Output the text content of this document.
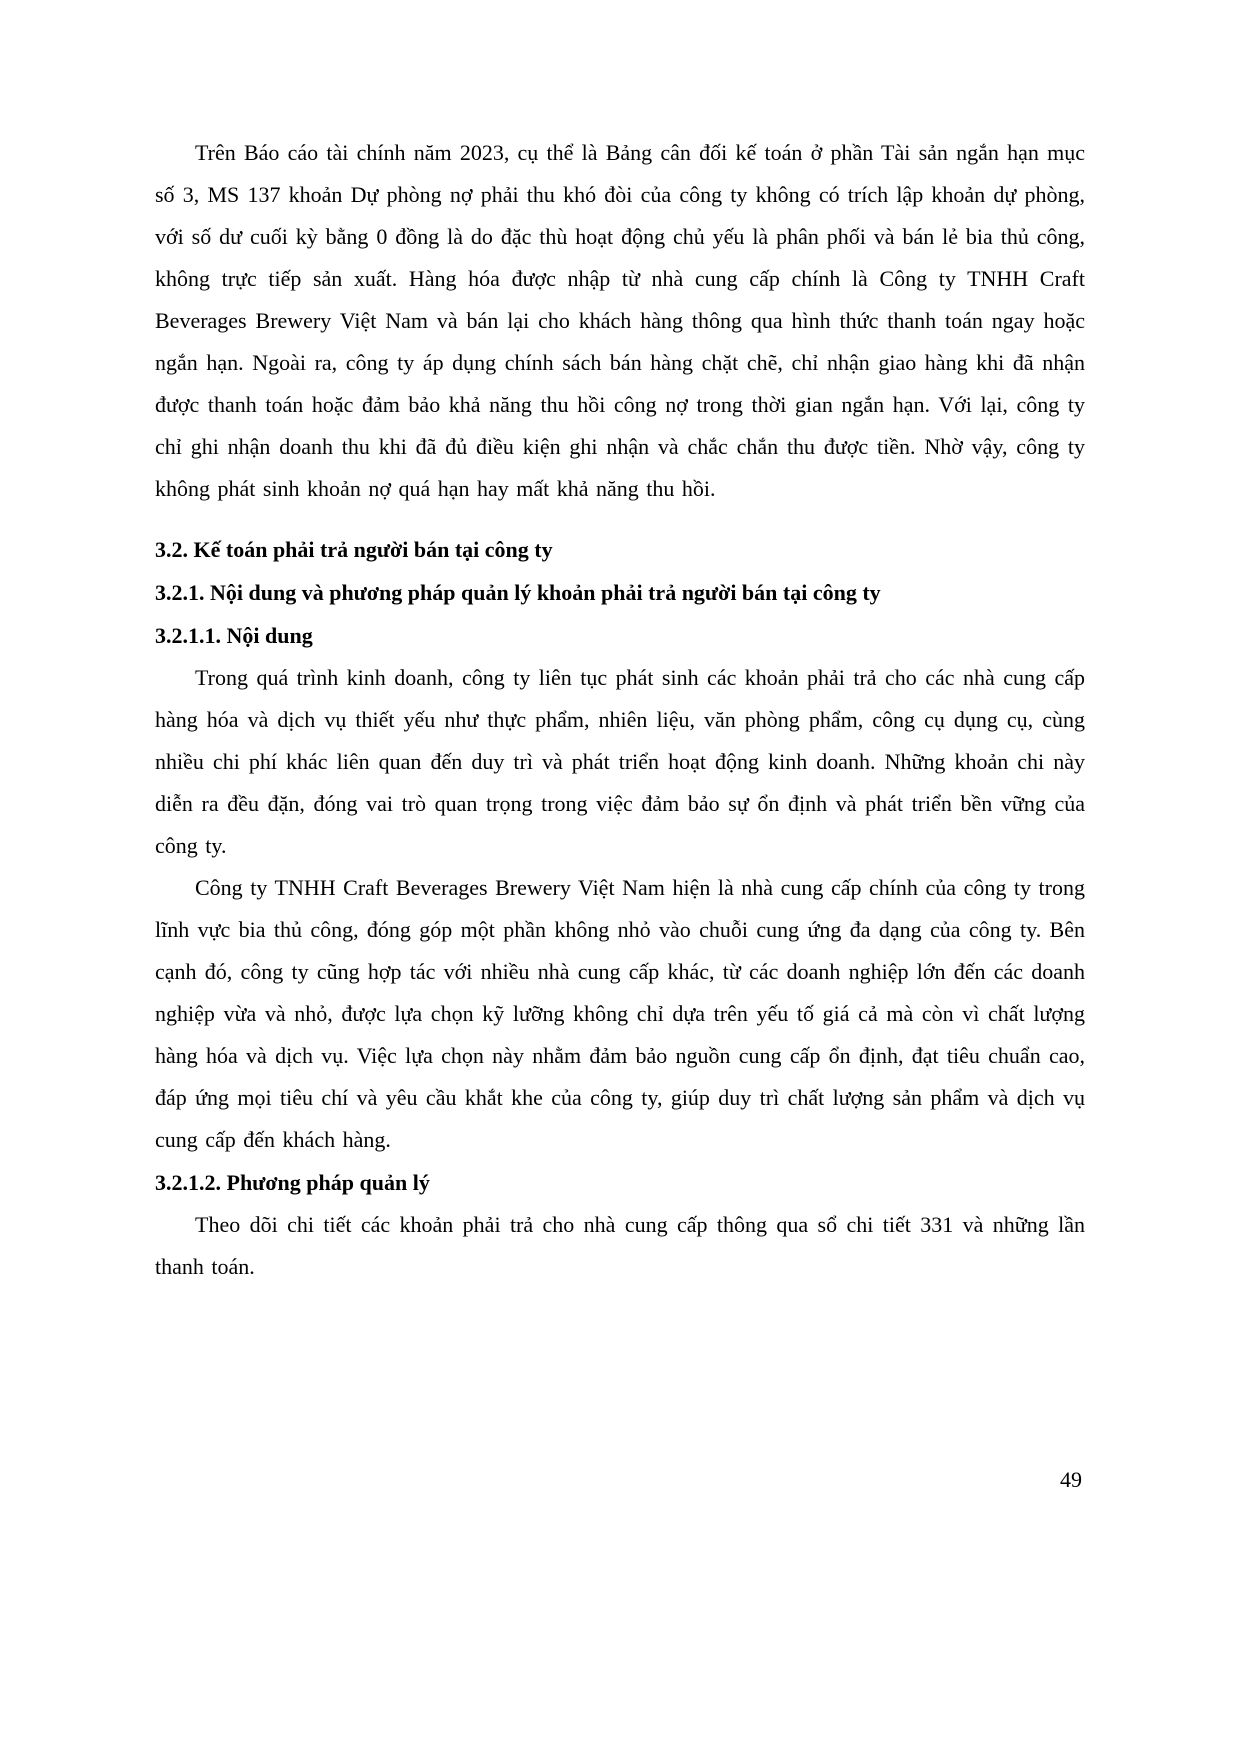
Trên Báo cáo tài chính năm 2023, cụ thể là Bảng cân đối kế toán ở phần Tài sản ngắn hạn mục số 3, MS 137 khoản Dự phòng nợ phải thu khó đòi của công ty không có trích lập khoản dự phòng, với số dư cuối kỳ bằng 0 đồng là do đặc thù hoạt động chủ yếu là phân phối và bán lẻ bia thủ công, không trực tiếp sản xuất. Hàng hóa được nhập từ nhà cung cấp chính là Công ty TNHH Craft Beverages Brewery Việt Nam và bán lại cho khách hàng thông qua hình thức thanh toán ngay hoặc ngắn hạn. Ngoài ra, công ty áp dụng chính sách bán hàng chặt chẽ, chỉ nhận giao hàng khi đã nhận được thanh toán hoặc đảm bảo khả năng thu hồi công nợ trong thời gian ngắn hạn. Với lại, công ty chỉ ghi nhận doanh thu khi đã đủ điều kiện ghi nhận và chắc chắn thu được tiền. Nhờ vậy, công ty không phát sinh khoản nợ quá hạn hay mất khả năng thu hồi.

3.2. Kế toán phải trả người bán tại công ty
3.2.1. Nội dung và phương pháp quản lý khoản phải trả người bán tại công ty
3.2.1.1. Nội dung

Trong quá trình kinh doanh, công ty liên tục phát sinh các khoản phải trả cho các nhà cung cấp hàng hóa và dịch vụ thiết yếu như thực phẩm, nhiên liệu, văn phòng phẩm, công cụ dụng cụ, cùng nhiều chi phí khác liên quan đến duy trì và phát triển hoạt động kinh doanh. Những khoản chi này diễn ra đều đặn, đóng vai trò quan trọng trong việc đảm bảo sự ổn định và phát triển bền vững của công ty.

Công ty TNHH Craft Beverages Brewery Việt Nam hiện là nhà cung cấp chính của công ty trong lĩnh vực bia thủ công, đóng góp một phần không nhỏ vào chuỗi cung ứng đa dạng của công ty. Bên cạnh đó, công ty cũng hợp tác với nhiều nhà cung cấp khác, từ các doanh nghiệp lớn đến các doanh nghiệp vừa và nhỏ, được lựa chọn kỹ lưỡng không chỉ dựa trên yếu tố giá cả mà còn vì chất lượng hàng hóa và dịch vụ. Việc lựa chọn này nhằm đảm bảo nguồn cung cấp ổn định, đạt tiêu chuẩn cao, đáp ứng mọi tiêu chí và yêu cầu khắt khe của công ty, giúp duy trì chất lượng sản phẩm và dịch vụ cung cấp đến khách hàng.

3.2.1.2. Phương pháp quản lý

Theo dõi chi tiết các khoản phải trả cho nhà cung cấp thông qua sổ chi tiết 331 và những lần thanh toán.

49
